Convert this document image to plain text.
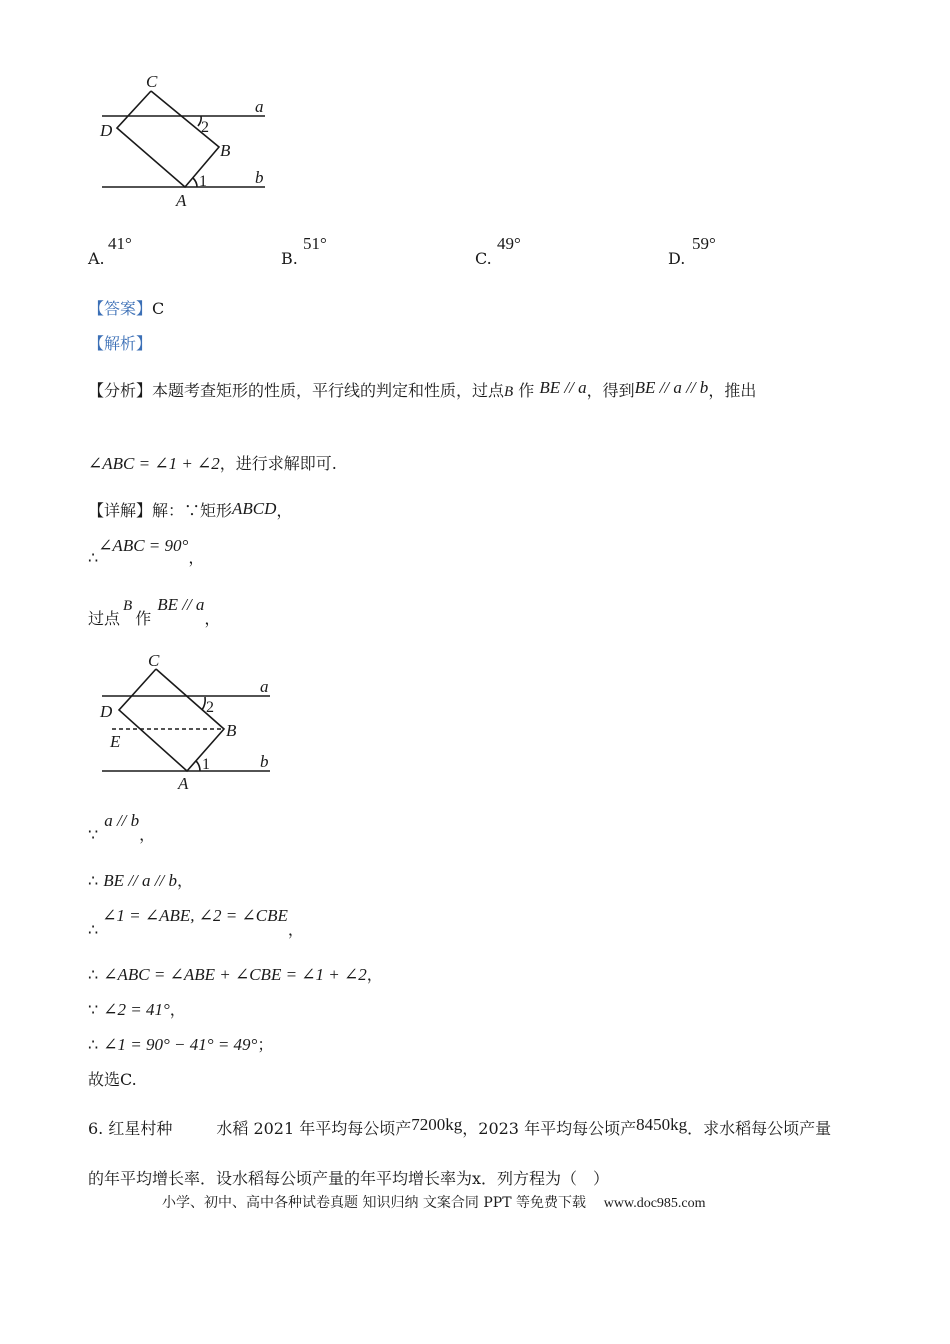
C
D
a
B
b
A
2
1
A.
41°
B.
51°
C.
49°
D.
59°
【答案】C
【解析】
【分析】本题考查矩形的性质，平行线的判定和性质，过点B 作 BE // a，得到BE // a // b，推出
∠ABC = ∠1 + ∠2，进行求解即可.
【详解】解：∵矩形ABCD，
∴∠ABC = 90°，
过点B作BE // a，
C
D
a
B
E
b
A
2
1
∵a // b，
∴ BE // a // b，
∴∠1 = ∠ABE, ∠2 = ∠CBE，
∴ ∠ABC = ∠ABE + ∠CBE = ∠1 + ∠2，
∵ ∠2 = 41°，
∴ ∠1 = 90° − 41° = 49°；
故选C.
6. 红星村种	水稻 2021 年平均每公顷产7200kg，2023 年平均每公顷产8450kg．求水稻每公顷产量
的年平均增长率．设水稻每公顷产量的年平均增长率为x．列方程为（　）
小学、初中、高中各种试卷真题 知识归纳 文案合同 PPT 等免费下载 www.doc985.com
